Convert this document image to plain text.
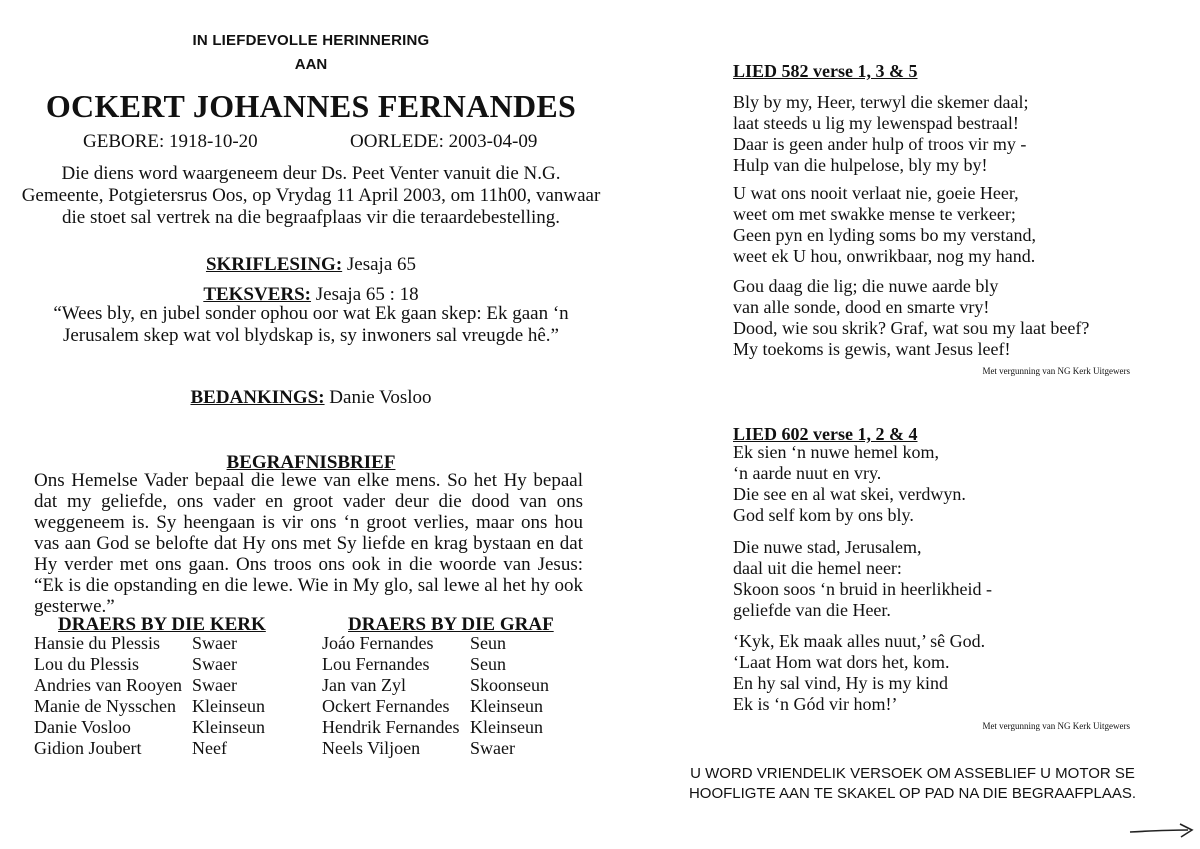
IN LIEFDEVOLLE HERINNERING
AAN
OCKERT JOHANNES FERNANDES
GEBORE: 1918-10-20	OORLEDE: 2003-04-09
Die diens word waargeneem deur Ds. Peet Venter vanuit die N.G. Gemeente, Potgietersrus Oos, op Vrydag 11 April 2003, om 11h00, vanwaar die stoet sal vertrek na die begraafplaas vir die teraardebestelling.
SKRIFLESING: Jesaja 65
TEKSVERS: Jesaja 65 : 18
“Wees bly, en jubel sonder ophou oor wat Ek gaan skep: Ek gaan ‘n Jerusalem skep wat vol blydskap is, sy inwoners sal vreugde hê.”
BEDANKINGS: Danie Vosloo
BEGRAFNISBRIEF
Ons Hemelse Vader bepaal die lewe van elke mens. So het Hy bepaal dat my geliefde, ons vader en groot vader deur die dood van ons weggeneem is. Sy heengaan is vir ons ‘n groot verlies, maar ons hou vas aan God se belofte dat Hy ons met Sy liefde en krag bystaan en dat Hy verder met ons gaan. Ons troos ons ook in die woorde van Jesus: “Ek is die opstanding en die lewe. Wie in My glo, sal lewe al het hy ook gesterwe.”
DRAERS BY DIE KERK	DRAERS BY DIE GRAF
Hansie du Plessis Swaer
Lou du Plessis	Swaer
Andries van Rooyen Swaer
Manie de Nysschen Kleinseun
Danie Vosloo	Kleinseun
Gidion Joubert	Neef
Joáo Fernandes Seun
Lou Fernandes Seun
Jan van Zyl	Skoonseun
Ockert Fernandes Kleinseun
Hendrik Fernandes Kleinseun
Neels Viljoen	Swaer
LIED 582 verse 1, 3 & 5
Bly by my, Heer, terwyl die skemer daal;
laat steeds u lig my lewenspad bestraal!
Daar is geen ander hulp of troos vir my -
Hulp van die hulpelose, bly my by!
U wat ons nooit verlaat nie, goeie Heer,
weet om met swakke mense te verkeer;
Geen pyn en lyding soms bo my verstand,
weet ek U hou, onwrikbaar, nog my hand.
Gou daag die lig; die nuwe aarde bly
van alle sonde, dood en smarte vry!
Dood, wie sou skrik? Graf, wat sou my laat beef?
My toekoms is gewis, want Jesus leef!
Met vergunning van NG Kerk Uitgewers
LIED 602 verse 1, 2 & 4
Ek sien ‘n nuwe hemel kom,
‘n aarde nuut en vry.
Die see en al wat skei, verdwyn.
God self kom by ons bly.
Die nuwe stad, Jerusalem,
daal uit die hemel neer:
Skoon soos ‘n bruid in heerlikheid -
geliefde van die Heer.
‘Kyk, Ek maak alles nuut,’ sê God.
‘Laat Hom wat dors het, kom.
En hy sal vind, Hy is my kind
Ek is ‘n Gód vir hom!’
Met vergunning van NG Kerk Uitgewers
U WORD VRIENDELIK VERSOEK OM ASSEBLIEF U MOTOR SE
HOOFLIGTE AAN TE SKAKEL OP PAD NA DIE BEGRAAFPLAAS.
